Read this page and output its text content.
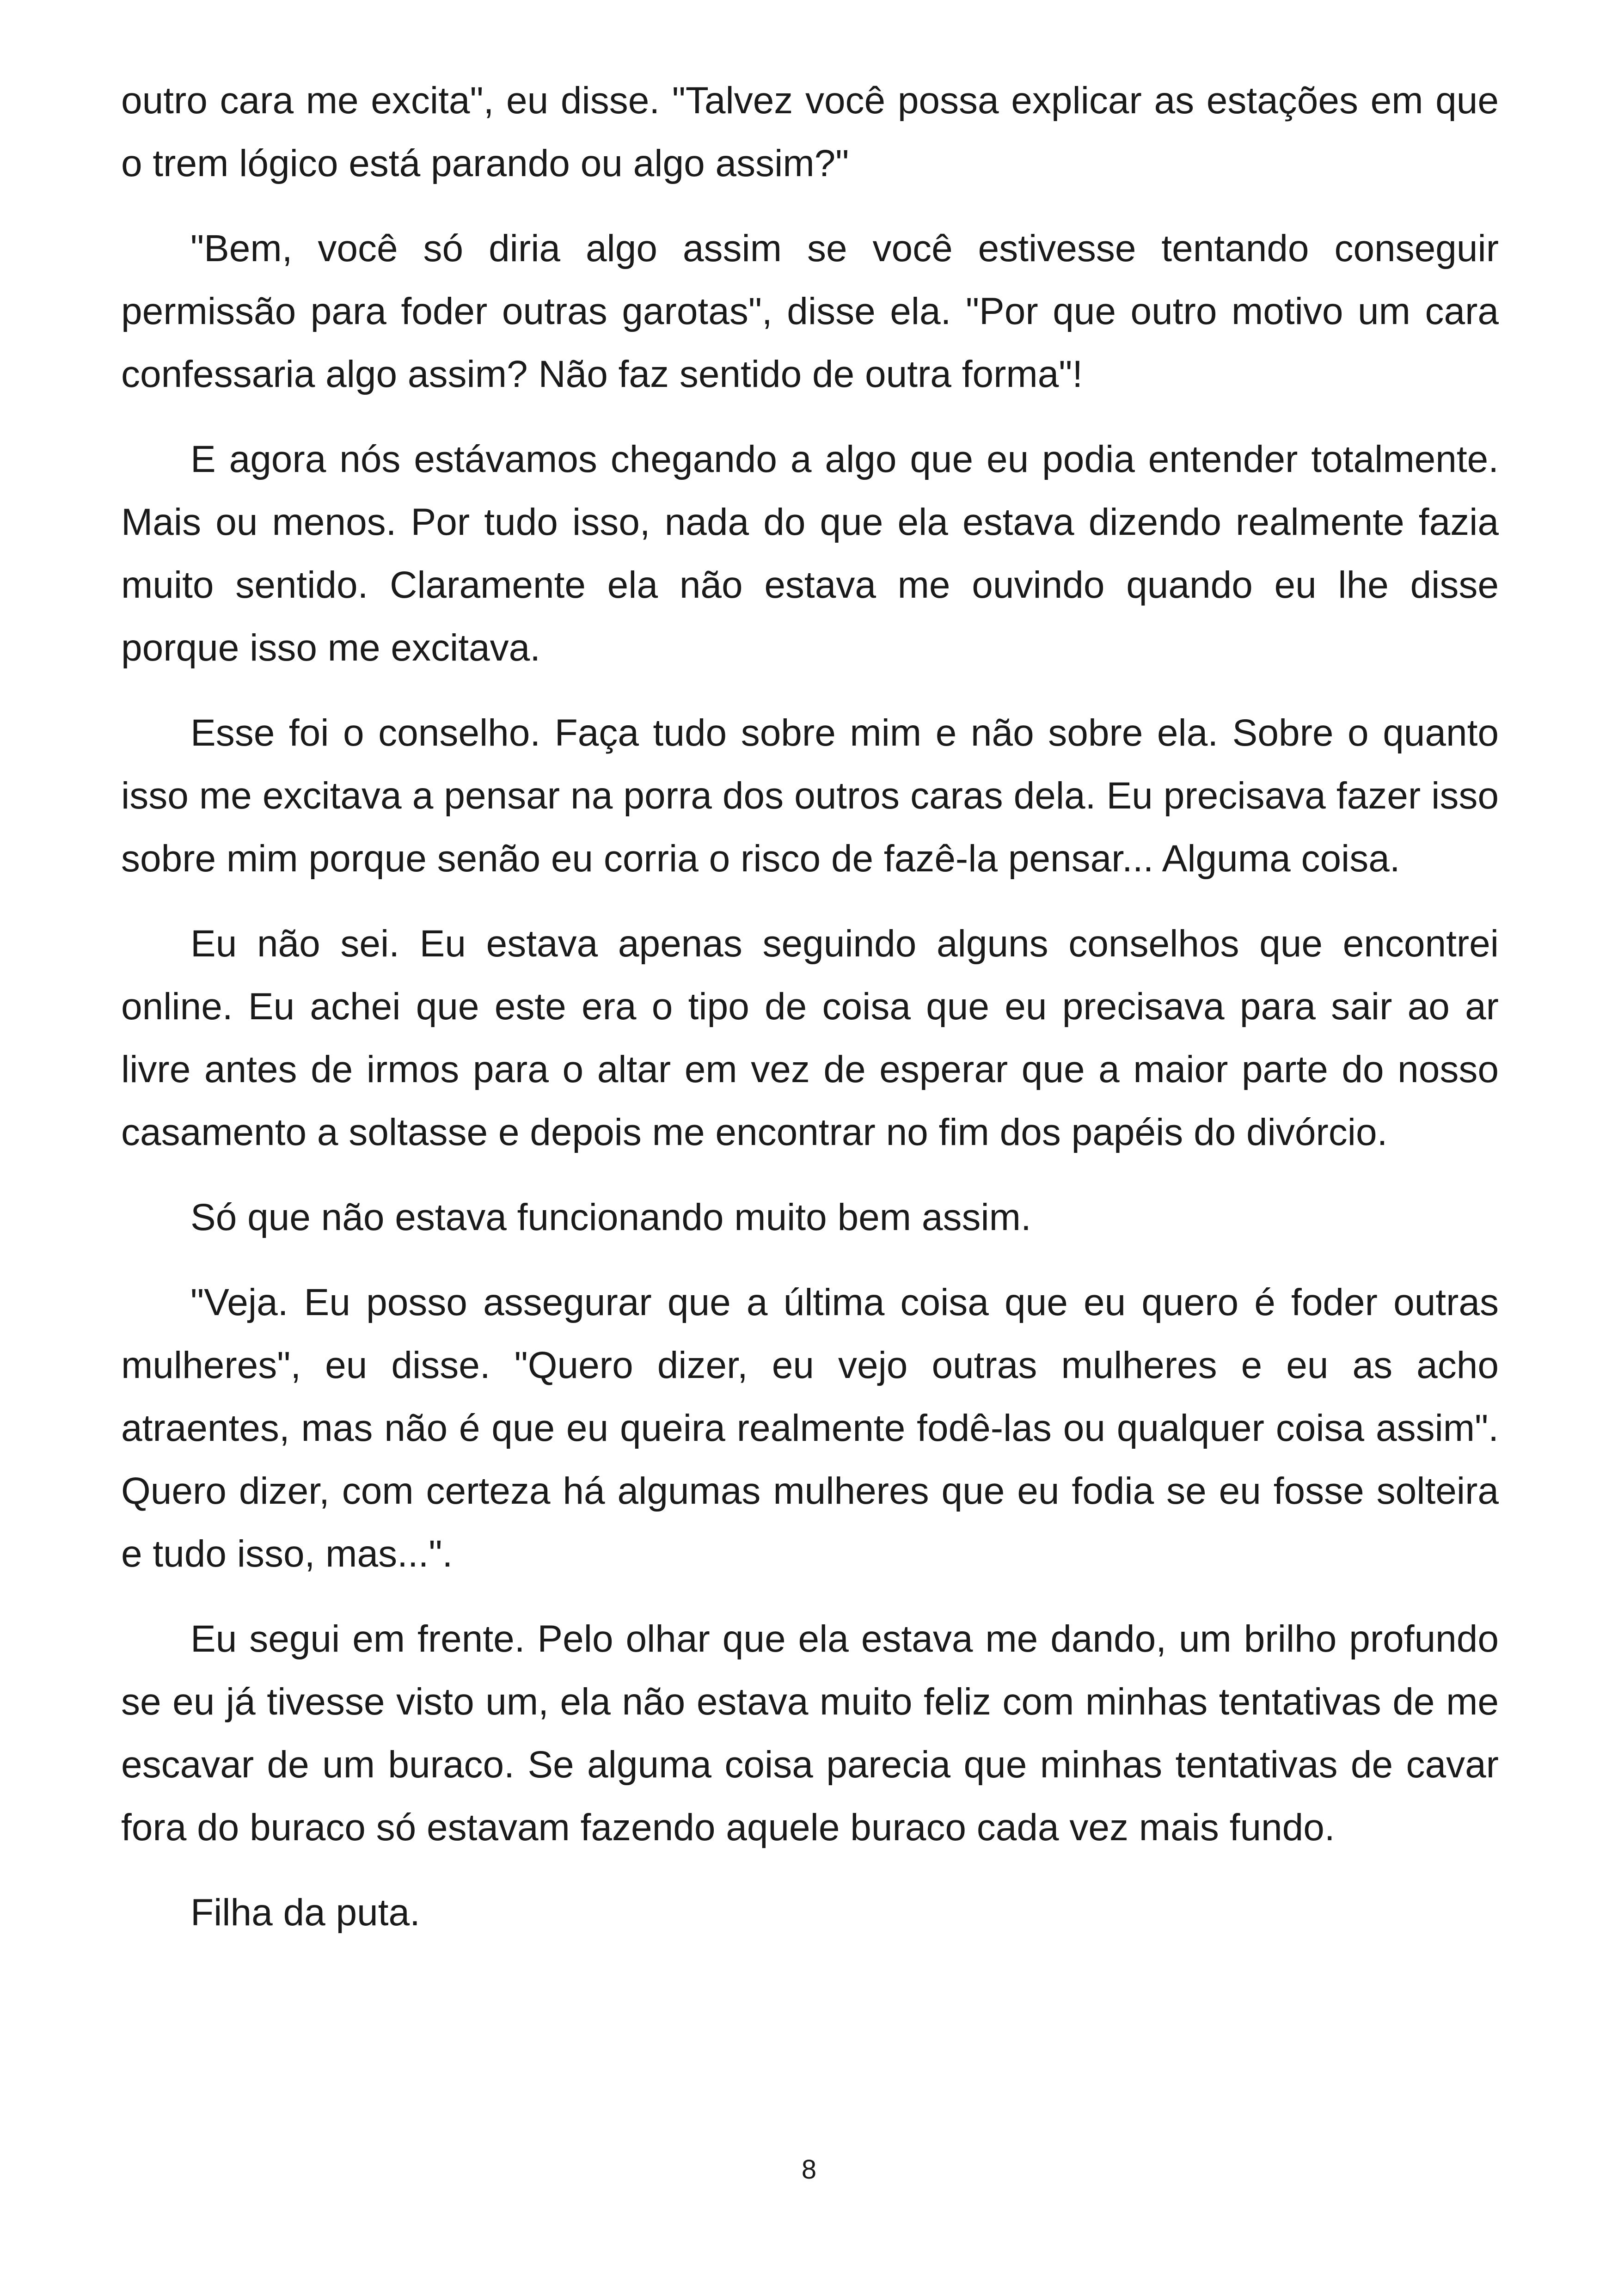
outro cara me excita", eu disse. "Talvez você possa explicar as estações em que o trem lógico está parando ou algo assim?"

"Bem, você só diria algo assim se você estivesse tentando conseguir permissão para foder outras garotas", disse ela. "Por que outro motivo um cara confessaria algo assim? Não faz sentido de outra forma"!

E agora nós estávamos chegando a algo que eu podia entender totalmente. Mais ou menos. Por tudo isso, nada do que ela estava dizendo realmente fazia muito sentido. Claramente ela não estava me ouvindo quando eu lhe disse porque isso me excitava.

Esse foi o conselho. Faça tudo sobre mim e não sobre ela. Sobre o quanto isso me excitava a pensar na porra dos outros caras dela. Eu precisava fazer isso sobre mim porque senão eu corria o risco de fazê-la pensar... Alguma coisa.

Eu não sei. Eu estava apenas seguindo alguns conselhos que encontrei online. Eu achei que este era o tipo de coisa que eu precisava para sair ao ar livre antes de irmos para o altar em vez de esperar que a maior parte do nosso casamento a soltasse e depois me encontrar no fim dos papéis do divórcio.

Só que não estava funcionando muito bem assim.

"Veja. Eu posso assegurar que a última coisa que eu quero é foder outras mulheres", eu disse. "Quero dizer, eu vejo outras mulheres e eu as acho atraentes, mas não é que eu queira realmente fodê-las ou qualquer coisa assim". Quero dizer, com certeza há algumas mulheres que eu fodia se eu fosse solteira e tudo isso, mas...".

Eu segui em frente. Pelo olhar que ela estava me dando, um brilho profundo se eu já tivesse visto um, ela não estava muito feliz com minhas tentativas de me escavar de um buraco. Se alguma coisa parecia que minhas tentativas de cavar fora do buraco só estavam fazendo aquele buraco cada vez mais fundo.

Filha da puta.

8
